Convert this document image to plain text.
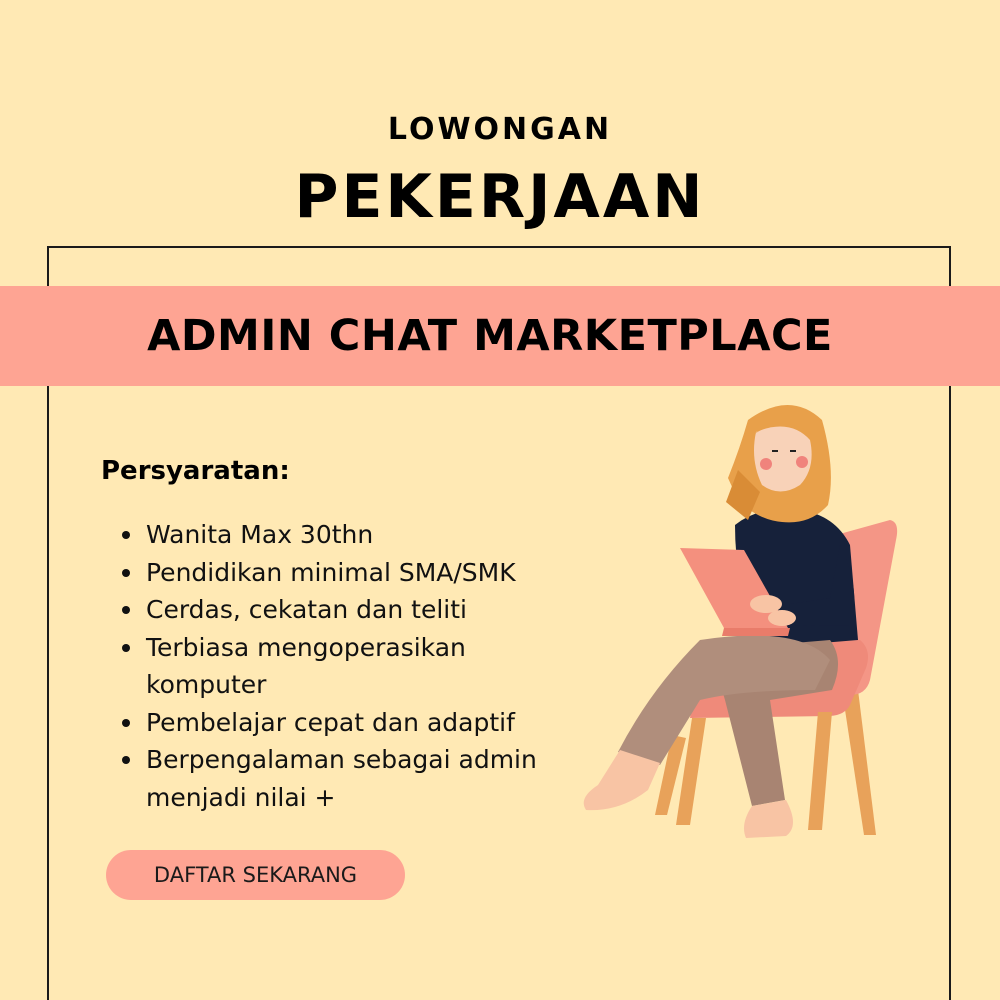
LOWONGAN
PEKERJAAN
ADMIN CHAT MARKETPLACE
Persyaratan:
Wanita Max 30thn
Pendidikan minimal SMA/SMK
Cerdas, cekatan dan teliti
Terbiasa mengoperasikan komputer
Pembelajar cepat dan adaptif
Berpengalaman sebagai admin menjadi nilai +
DAFTAR SEKARANG
